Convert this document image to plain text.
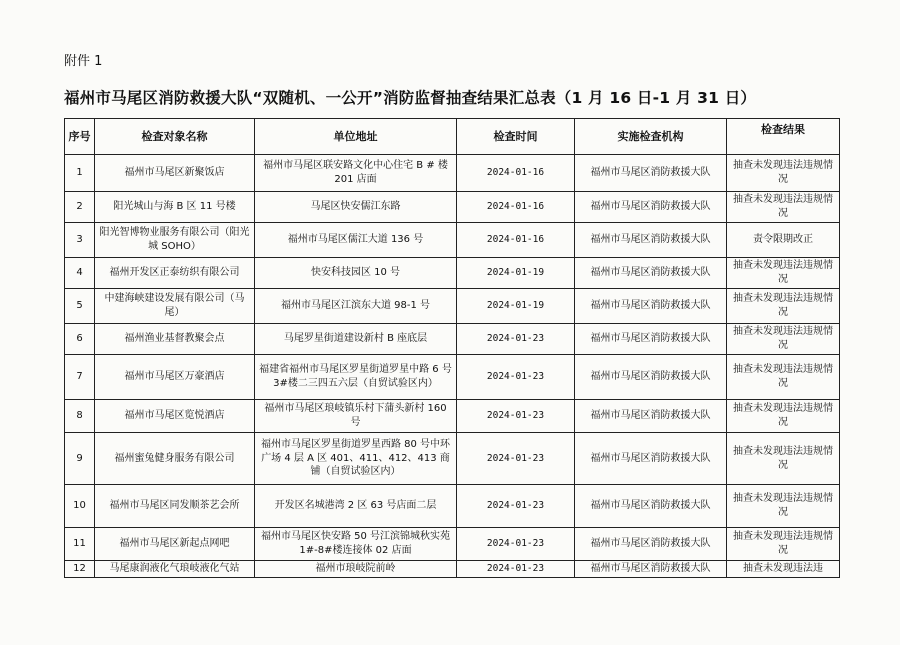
附件 1
福州市马尾区消防救援大队“双随机、一公开”消防监督抽查结果汇总表（1 月 16 日-1 月 31 日）
序号	检查对象名称	单位地址	检查时间	实施检查机构	检查结果
1	福州市马尾区新聚饭店	福州市马尾区联安路文化中心住宅 B # 楼 201 店面	2024-01-16	福州市马尾区消防救援大队	抽查未发现违法违规情况
2	阳光城山与海 B 区 11 号楼	马尾区快安儒江东路	2024-01-16	福州市马尾区消防救援大队	抽查未发现违法违规情况
3	阳光智博物业服务有限公司（阳光城 SOHO）	福州市马尾区儒江大道 136 号	2024-01-16	福州市马尾区消防救援大队	责令限期改正
4	福州开发区正泰纺织有限公司	快安科技园区 10 号	2024-01-19	福州市马尾区消防救援大队	抽查未发现违法违规情况
5	中建海峡建设发展有限公司（马尾）	福州市马尾区江滨东大道 98-1 号	2024-01-19	福州市马尾区消防救援大队	抽查未发现违法违规情况
6	福州渔业基督教聚会点	马尾罗星街道建设新村 B 座底层	2024-01-23	福州市马尾区消防救援大队	抽查未发现违法违规情况
7	福州市马尾区万豪酒店	福建省福州市马尾区罗星街道罗星中路 6 号 3#楼二三四五六层（自贸试验区内）	2024-01-23	福州市马尾区消防救援大队	抽查未发现违法违规情况
8	福州市马尾区览悦酒店	福州市马尾区琅岐镇乐村下蒲头新村 160 号	2024-01-23	福州市马尾区消防救援大队	抽查未发现违法违规情况
9	福州蜜兔健身服务有限公司	福州市马尾区罗星街道罗星西路 80 号中环广场 4 层 A 区 401、411、412、413 商铺（自贸试验区内）	2024-01-23	福州市马尾区消防救援大队	抽查未发现违法违规情况
10	福州市马尾区同发顺茶艺会所	开发区名城港湾 2 区 63 号店面二层	2024-01-23	福州市马尾区消防救援大队	抽查未发现违法违规情况
11	福州市马尾区新起点网吧	福州市马尾区快安路 50 号江滨锦城秋实苑 1#-8#楼连接体 02 店面	2024-01-23	福州市马尾区消防救援大队	抽查未发现违法违规情况
12	马尾康润液化气琅岐液化气站	福州市琅岐院前岭	2024-01-23	福州市马尾区消防救援大队	抽查未发现违法违
